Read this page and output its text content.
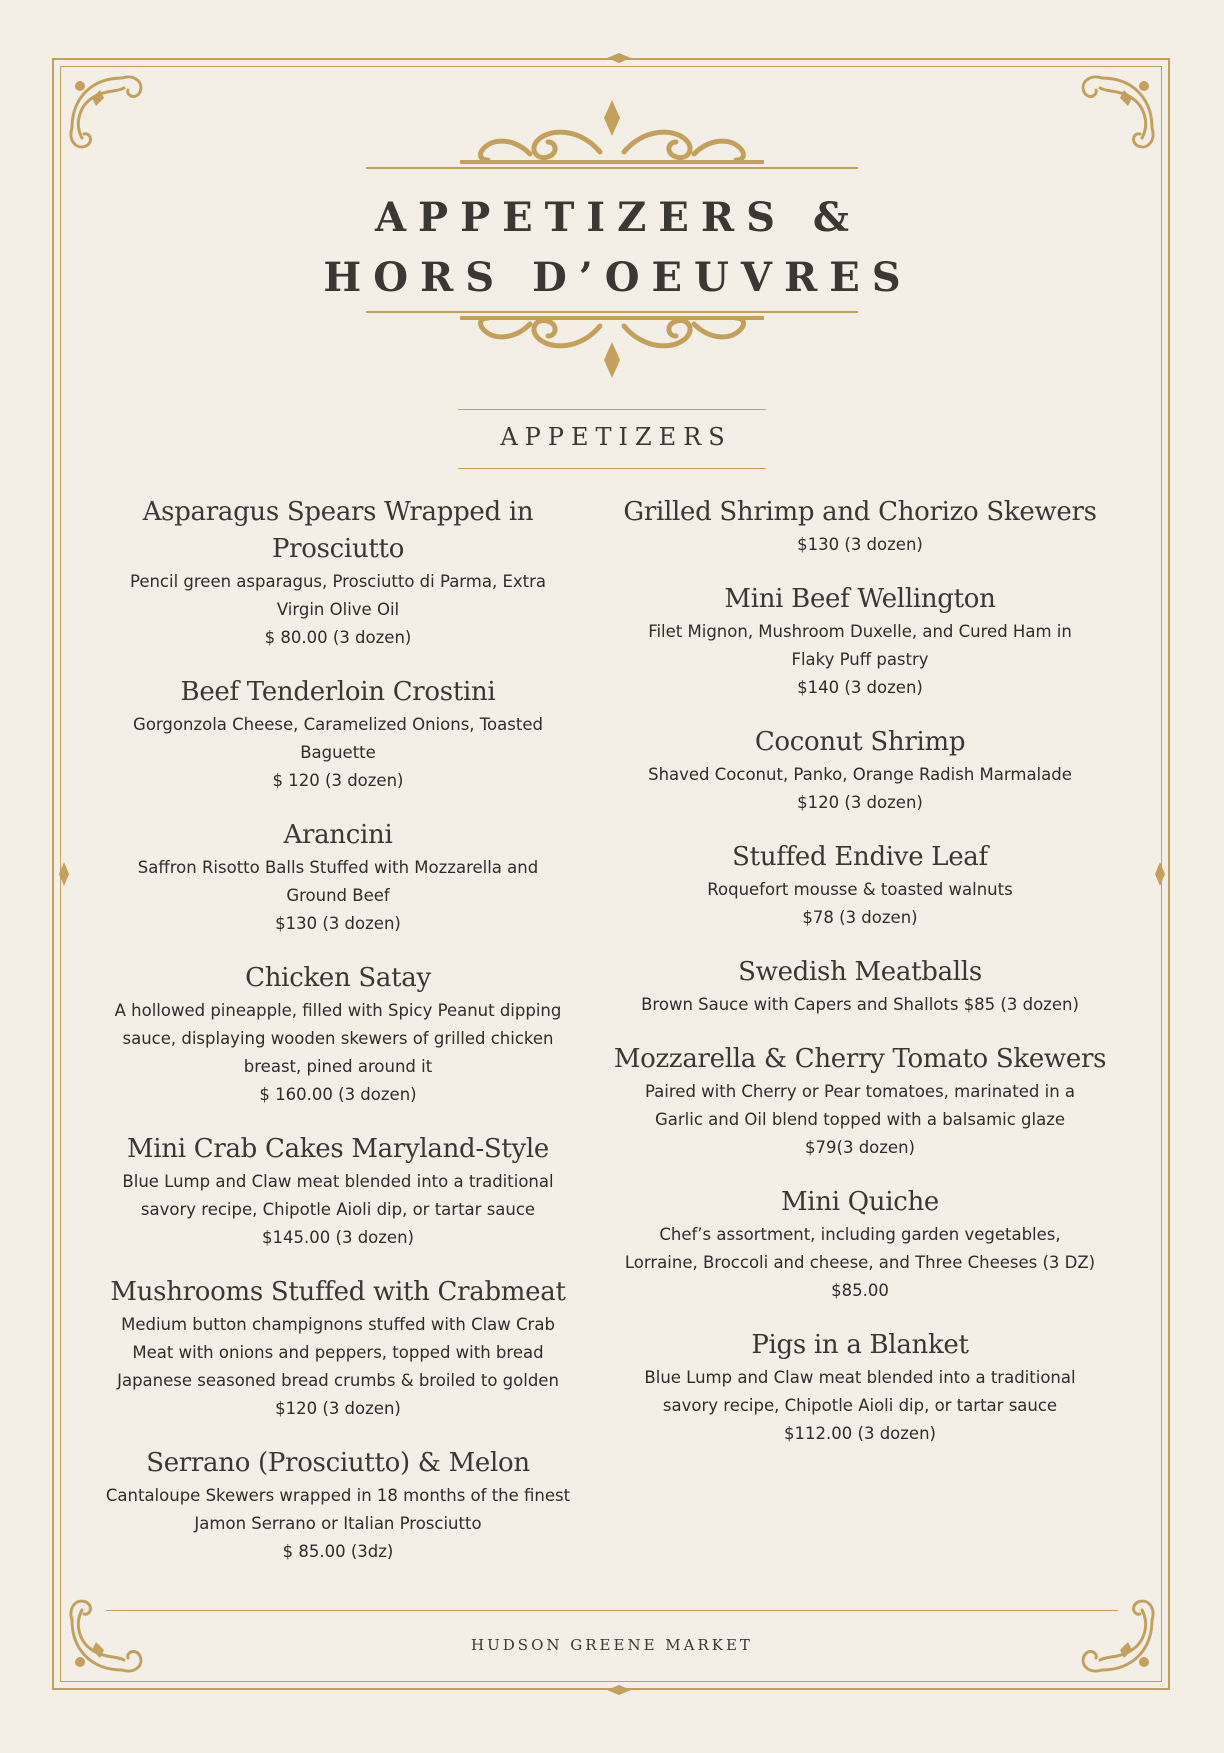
APPETIZERS &
HORS D’OEUVRES
APPETIZERS
Asparagus Spears Wrapped in
Prosciutto
Pencil green asparagus, Prosciutto di Parma, Extra
Virgin Olive Oil
$ 80.00 (3 dozen)
Beef Tenderloin Crostini
Gorgonzola Cheese, Caramelized Onions, Toasted
Baguette
$ 120 (3 dozen)
Arancini
Saffron Risotto Balls Stuffed with Mozzarella and
Ground Beef
$130 (3 dozen)
Chicken Satay
A hollowed pineapple, filled with Spicy Peanut dipping
sauce, displaying wooden skewers of grilled chicken
breast, pined around it
$ 160.00 (3 dozen)
Mini Crab Cakes Maryland-Style
Blue Lump and Claw meat blended into a traditional
savory recipe, Chipotle Aioli dip, or tartar sauce
$145.00 (3 dozen)
Mushrooms Stuffed with Crabmeat
Medium button champignons stuffed with Claw Crab
Meat with onions and peppers, topped with bread
Japanese seasoned bread crumbs & broiled to golden
$120 (3 dozen)
Serrano (Prosciutto) & Melon
Cantaloupe Skewers wrapped in 18 months of the finest
Jamon Serrano or Italian Prosciutto
$ 85.00 (3dz)
Grilled Shrimp and Chorizo Skewers
$130 (3 dozen)
Mini Beef Wellington
Filet Mignon, Mushroom Duxelle, and Cured Ham in
Flaky Puff pastry
$140 (3 dozen)
Coconut Shrimp
Shaved Coconut, Panko, Orange Radish Marmalade
$120 (3 dozen)
Stuffed Endive Leaf
Roquefort mousse & toasted walnuts
$78 (3 dozen)
Swedish Meatballs
Brown Sauce with Capers and Shallots $85 (3 dozen)
Mozzarella & Cherry Tomato Skewers
Paired with Cherry or Pear tomatoes, marinated in a
Garlic and Oil blend topped with a balsamic glaze
$79(3 dozen)
Mini Quiche
Chef’s assortment, including garden vegetables,
Lorraine, Broccoli and cheese, and Three Cheeses (3 DZ)
$85.00
Pigs in a Blanket
Blue Lump and Claw meat blended into a traditional
savory recipe, Chipotle Aioli dip, or tartar sauce
$112.00 (3 dozen)
HUDSON GREENE MARKET
